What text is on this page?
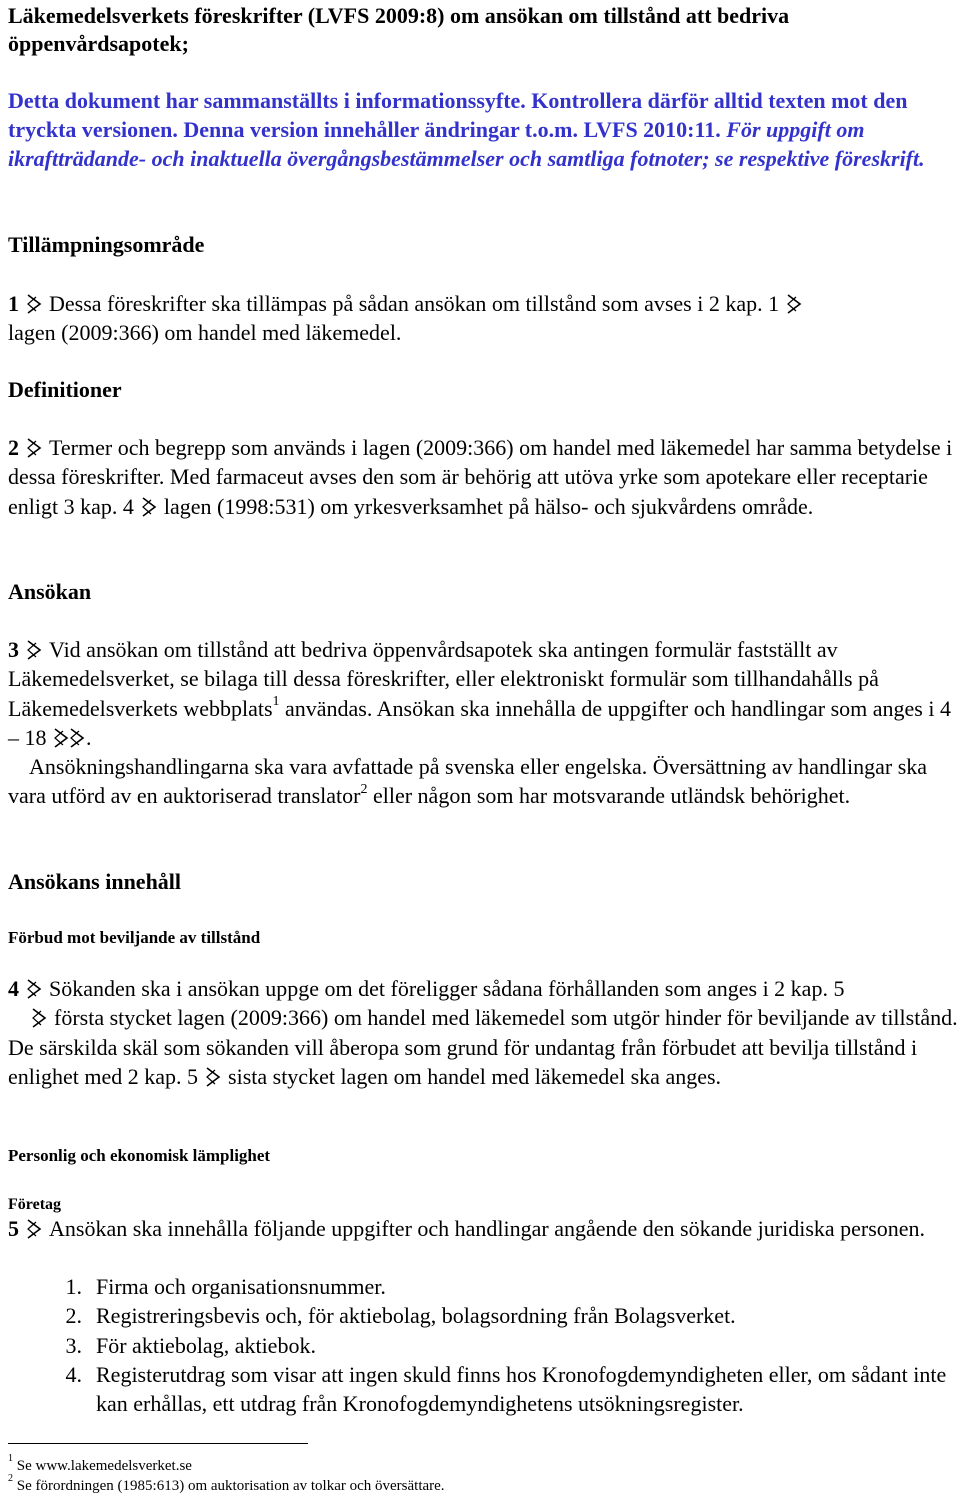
Läkemedelsverkets föreskrifter (LVFS 2009:8) om ansökan om tillstånd att bedriva öppenvårdsapotek;
Detta dokument har sammanställts i informationssyfte. Kontrollera därför alltid texten mot den tryckta versionen. Denna version innehåller ändringar t.o.m. LVFS 2010:11. För uppgift om ikraftträdande- och inaktuella övergångsbestämmelser och samtliga fotnoter; se respektive föreskrift.
Tillämpningsområde
1 Dessa föreskrifter ska tillämpas på sådan ansökan om tillstånd som avses i 2 kap. 1
lagen (2009:366) om handel med läkemedel.
Definitioner
2 Termer och begrepp som används i lagen (2009:366) om handel med läkemedel har samma betydelse i dessa föreskrifter. Med farmaceut avses den som är behörig att utöva yrke som apotekare eller receptarie enligt 3 kap. 4 lagen (1998:531) om yrkesverksamhet på hälso- och sjukvårdens område.
Ansökan
3 Vid ansökan om tillstånd att bedriva öppenvårdsapotek ska antingen formulär fastställt av Läkemedelsverket, se bilaga till dessa föreskrifter, eller elektroniskt formulär som tillhandahålls på Läkemedelsverkets webbplats$^1$ användas. Ansökan ska innehålla de uppgifter och handlingar som anges i 4 – 18 .
Ansökningshandlingarna ska vara avfattade på svenska eller engelska. Översättning av handlingar ska vara utförd av en auktoriserad translator$^2$ eller någon som har motsvarande utländsk behörighet.
Ansökans innehåll
Förbud mot beviljande av tillstånd
4 Sökanden ska i ansökan uppge om det föreligger sådana förhållanden som anges i 2 kap. 5
första stycket lagen (2009:366) om handel med läkemedel som utgör hinder för beviljande av tillstånd. De särskilda skäl som sökanden vill åberopa som grund för undantag från förbudet att bevilja tillstånd i enlighet med 2 kap. 5 sista stycket lagen om handel med läkemedel ska anges.
Personlig och ekonomisk lämplighet
Företag
5 Ansökan ska innehålla följande uppgifter och handlingar angående den sökande juridiska personen.
1. Firma och organisationsnummer.
2. Registreringsbevis och, för aktiebolag, bolagsordning från Bolagsverket.
3. För aktiebolag, aktiebok.
4. Registerutdrag som visar att ingen skuld finns hos Kronofogdemyndigheten eller, om sådant inte kan erhållas, ett utdrag från Kronofogdemyndighetens utsökningsregister.
$^1$ Se www.lakemedelsverket.se
$^2$ Se förordningen (1985:613) om auktorisation av tolkar och översättare.
